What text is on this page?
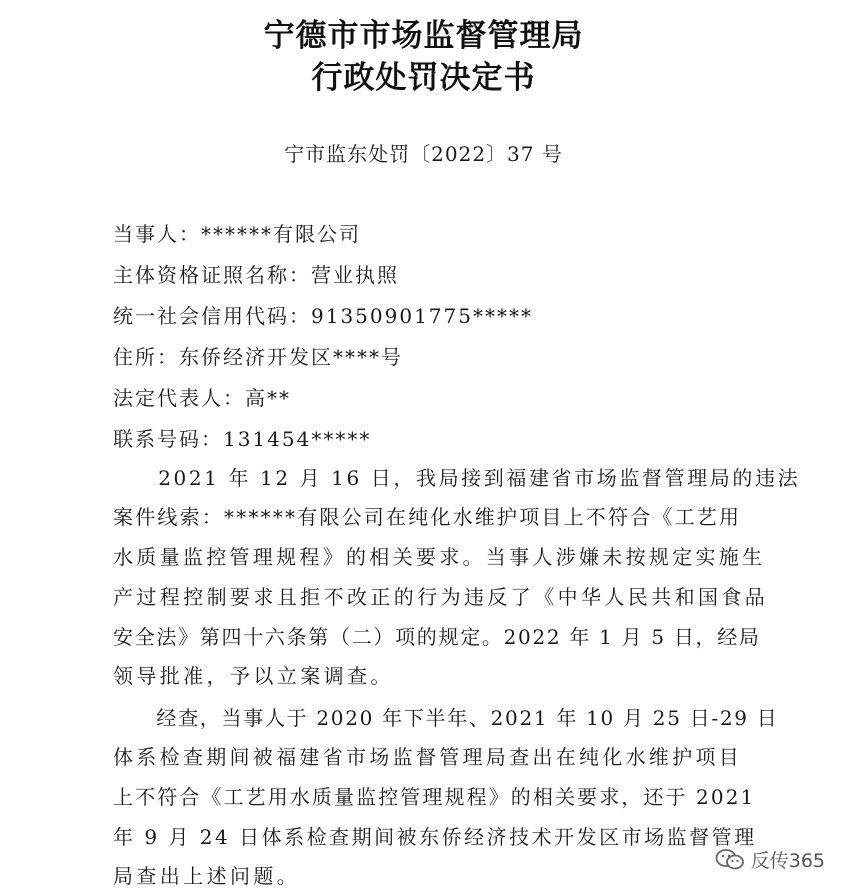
宁德市市场监督管理局
行政处罚决定书
宁市监东处罚〔2022〕37 号
当事人：******有限公司
主体资格证照名称：营业执照
统一社会信用代码：91350901775*****
住所：东侨经济开发区****号
法定代表人：高**
联系号码：131454*****
　　2021 年 12 月 16 日，我局接到福建省市场监督管理局的违法
案件线索：******有限公司在纯化水维护项目上不符合《工艺用
水质量监控管理规程》的相关要求。当事人涉嫌未按规定实施生
产过程控制要求且拒不改正的行为违反了《中华人民共和国食品
安全法》第四十六条第（二）项的规定。2022 年 1 月 5 日，经局
领导批准，予以立案调查。
　　经查，当事人于 2020 年下半年、2021 年 10 月 25 日-29 日
体系检查期间被福建省市场监督管理局查出在纯化水维护项目
上不符合《工艺用水质量监控管理规程》的相关要求，还于 2021
年 9 月 24 日体系检查期间被东侨经济技术开发区市场监督管理
局查出上述问题。
反传365
